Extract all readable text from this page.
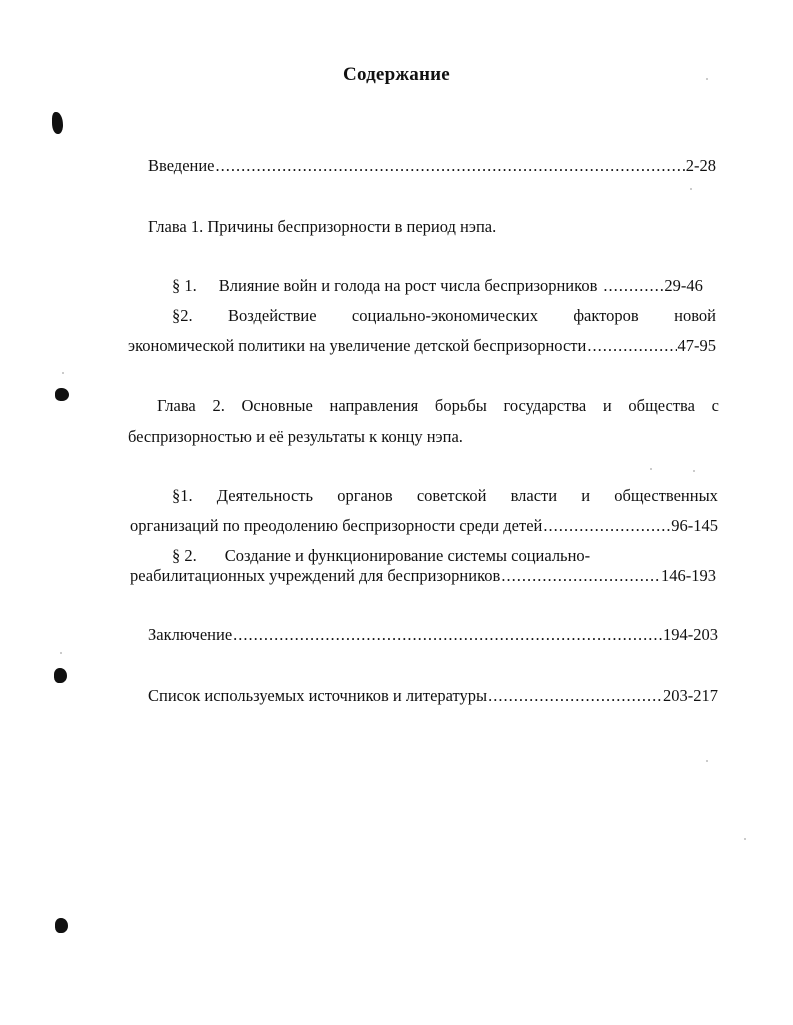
Содержание
Введение .....	2-28
Глава 1. Причины беспризорности в период нэпа.
§ 1. Влияние войн и голода на рост числа беспризорников .....	29-46
§2. Воздействие социально-экономических факторов новой
экономической политики на увеличение детской беспризорности .....	47-95
Глава 2. Основные направления борьбы государства и общества с
беспризорностью и её результаты к концу нэпа.
§1. Деятельность органов советской власти и общественных
организаций по преодолению беспризорности среди детей .....	96-145
§ 2. Создание и функционирование системы социально-
реабилитационных учреждений для беспризорников .....	146-193
Заключение .....	194-203
Список используемых источников и литературы .....	203-217
